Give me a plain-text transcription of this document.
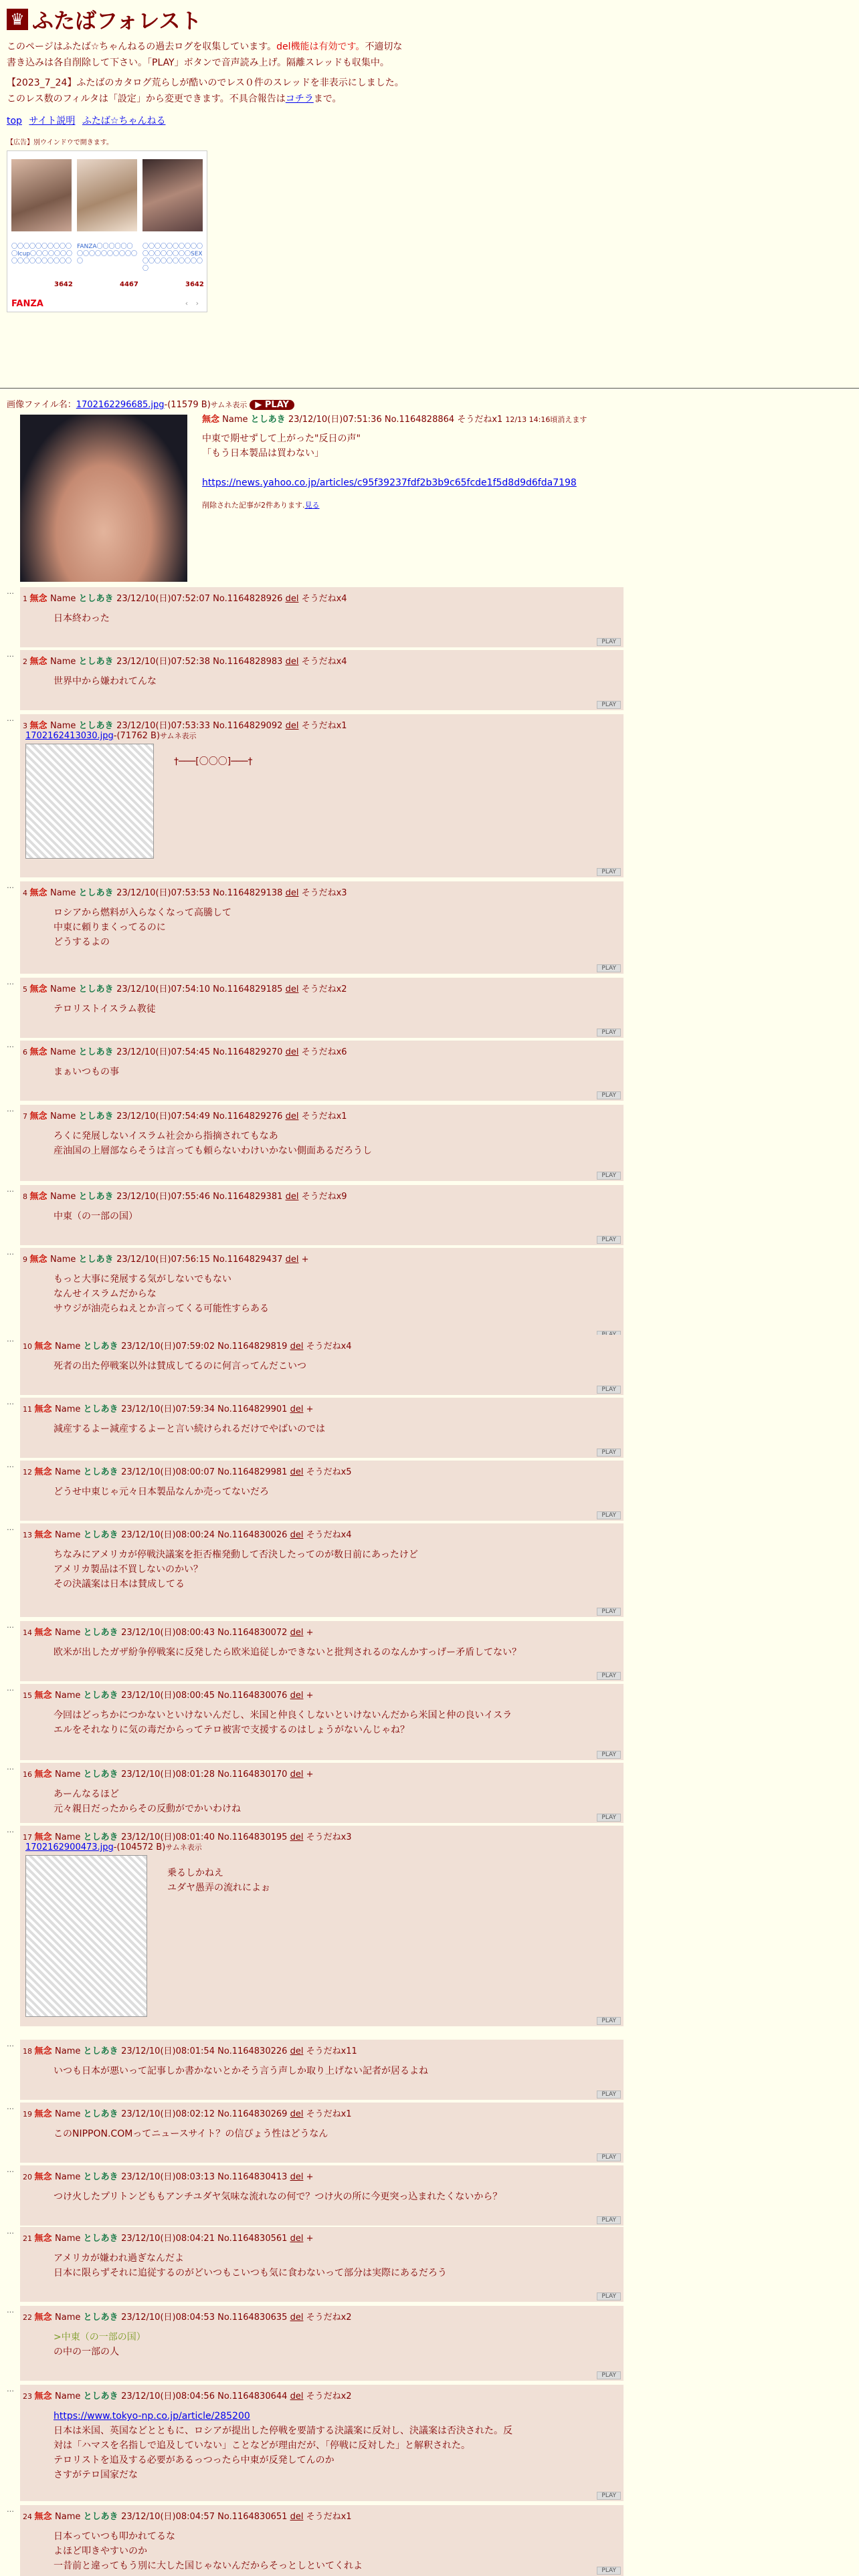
♛ ふたばフォレスト

このページはふたば☆ちゃんねるの過去ログを収集しています。del機能は有効です。不適切な書き込みは各自削除して下さい。「PLAY」ボタンで音声読み上げ。隔離スレッドも収集中。

【2023_7_24】ふたばのカタログ荒らしが酷いのでレス０件のスレッドを非表示にしました。このレス数のフィルタは「設定」から変更できます。不具合報告はコチラまで。

top サイト説明 ふたば☆ちゃんねる
【広告】別ウインドウで開きます。
〇〇〇〇〇〇〇〇〇〇〇Icup〇〇〇〇〇〇〇〇〇〇〇〇〇〇〇〇〇
FANZA〇〇〇〇〇〇〇〇〇〇〇〇〇〇〇〇〇
〇〇〇〇〇〇〇〇〇〇〇〇〇〇〇〇〇〇SEX〇〇〇〇〇〇〇〇〇〇〇
3642	4467	3642
FANZA	‹ ›
画像ファイル名：1702162296685.jpg-(11579 B)サムネ表示 ▶ PLAY
無念 Name としあき 23/12/10(日)07:51:36 No.1164828864 そうだねx1 12/13 14:16頃消えます
中東で期せずして上がった"反日の声"
「もう日本製品は買わない」
https://news.yahoo.co.jp/articles/c95f39237fdf2b3b9c65fcde1f5d8d9d6fda7198
削除された記事が2件あります.見る
…
1 無念 Name としあき 23/12/10(日)07:52:07 No.1164828926 del そうだねx4
日本終わった
PLAY
…
2 無念 Name としあき 23/12/10(日)07:52:38 No.1164828983 del そうだねx4
世界中から嫌われてんな
PLAY
…
3 無念 Name としあき 23/12/10(日)07:53:33 No.1164829092 del そうだねx1
1702162413030.jpg-(71762 B)サムネ表示
†───[〇〇〇]───†
PLAY
…
4 無念 Name としあき 23/12/10(日)07:53:53 No.1164829138 del そうだねx3
ロシアから燃料が入らなくなって高騰して
中東に頼りまくってるのに
どうするよの
PLAY
…
5 無念 Name としあき 23/12/10(日)07:54:10 No.1164829185 del そうだねx2
テロリストイスラム教徒
PLAY
…
6 無念 Name としあき 23/12/10(日)07:54:45 No.1164829270 del そうだねx6
まぁいつもの事
PLAY
…
7 無念 Name としあき 23/12/10(日)07:54:49 No.1164829276 del そうだねx1
ろくに発展しないイスラム社会から指摘されてもなあ
産油国の上層部ならそうは言っても頼らないわけいかない側面あるだろうし
PLAY
…
8 無念 Name としあき 23/12/10(日)07:55:46 No.1164829381 del そうだねx9
中東（の一部の国）
PLAY
…
9 無念 Name としあき 23/12/10(日)07:56:15 No.1164829437 del +
もっと大事に発展する気がしないでもない
なんせイスラムだからな
サウジが油売らねえとか言ってくる可能性すらある
…
10 無念 Name としあき 23/12/10(日)07:59:02 No.1164829819 del そうだねx4
死者の出た停戦案以外は賛成してるのに何言ってんだこいつ
PLAY
…
11 無念 Name としあき 23/12/10(日)07:59:34 No.1164829901 del +
減産するよー減産するよーと言い続けられるだけでやばいのでは
PLAY
…
12 無念 Name としあき 23/12/10(日)08:00:07 No.1164829981 del そうだねx5
どうせ中東じゃ元々日本製品なんか売ってないだろ
PLAY
…
13 無念 Name としあき 23/12/10(日)08:00:24 No.1164830026 del そうだねx4
ちなみにアメリカが停戦決議案を拒否権発動して否決したってのが数日前にあったけど
アメリカ製品は不買しないのかい？
その決議案は日本は賛成してる
PLAY
…
14 無念 Name としあき 23/12/10(日)08:00:43 No.1164830072 del +
欧米が出したガザ紛争停戦案に反発したら欧米追従しかできないと批判されるのなんかすっげー矛盾してない？
PLAY
…
15 無念 Name としあき 23/12/10(日)08:00:45 No.1164830076 del +
今回はどっちかにつかないといけないんだし、米国と仲良くしないといけないんだから米国と仲の良いイスラ
エルをそれなりに気の毒だからってテロ被害で支援するのはしょうがないんじゃね？
PLAY
…
16 無念 Name としあき 23/12/10(日)08:01:28 No.1164830170 del +
あーんなるほど
元々親日だったからその反動がでかいわけね
PLAY
…
17 無念 Name としあき 23/12/10(日)08:01:40 No.1164830195 del そうだねx3
1702162900473.jpg-(104572 B)サムネ表示
乗るしかねえ
ユダヤ愚弄の流れによぉ
PLAY
…
18 無念 Name としあき 23/12/10(日)08:01:54 No.1164830226 del そうだねx11
いつも日本が悪いって記事しか書かないとかそう言う声しか取り上げない記者が居るよね
PLAY
…
19 無念 Name としあき 23/12/10(日)08:02:12 No.1164830269 del そうだねx1
このNIPPON.COMってニュースサイト？の信ぴょう性はどうなん
PLAY
…
20 無念 Name としあき 23/12/10(日)08:03:13 No.1164830413 del +
つけ火したプリトンどももアンチユダヤ気味な流れなの何で？つけ火の所に今更突っ込まれたくないから？
PLAY
…
21 無念 Name としあき 23/12/10(日)08:04:21 No.1164830561 del +
アメリカが嫌われ過ぎなんだよ
日本に限らずそれに追従するのがどいつもこいつも気に食わないって部分は実際にあるだろう
PLAY
…
22 無念 Name としあき 23/12/10(日)08:04:53 No.1164830635 del そうだねx2
>中東（の一部の国）
の中の一部の人
PLAY
…
23 無念 Name としあき 23/12/10(日)08:04:56 No.1164830644 del そうだねx2
https://www.tokyo-np.co.jp/article/285200
日本は米国、英国などとともに、ロシアが提出した停戦を要請する決議案に反対し、決議案は否決された。反
対は「ハマスを名指しで追及していない」ことなどが理由だが、「停戦に反対した」と解釈された。
テロリストを追及する必要があるっつったら中東が反発してんのか
さすがテロ国家だな
PLAY
…
24 無念 Name としあき 23/12/10(日)08:04:57 No.1164830651 del そうだねx1
日本っていつも叩かれてるな
よほど叩きやすいのか
一昔前と違ってもう別に大した国じゃないんだからそっとしといてくれよ	PLAY
